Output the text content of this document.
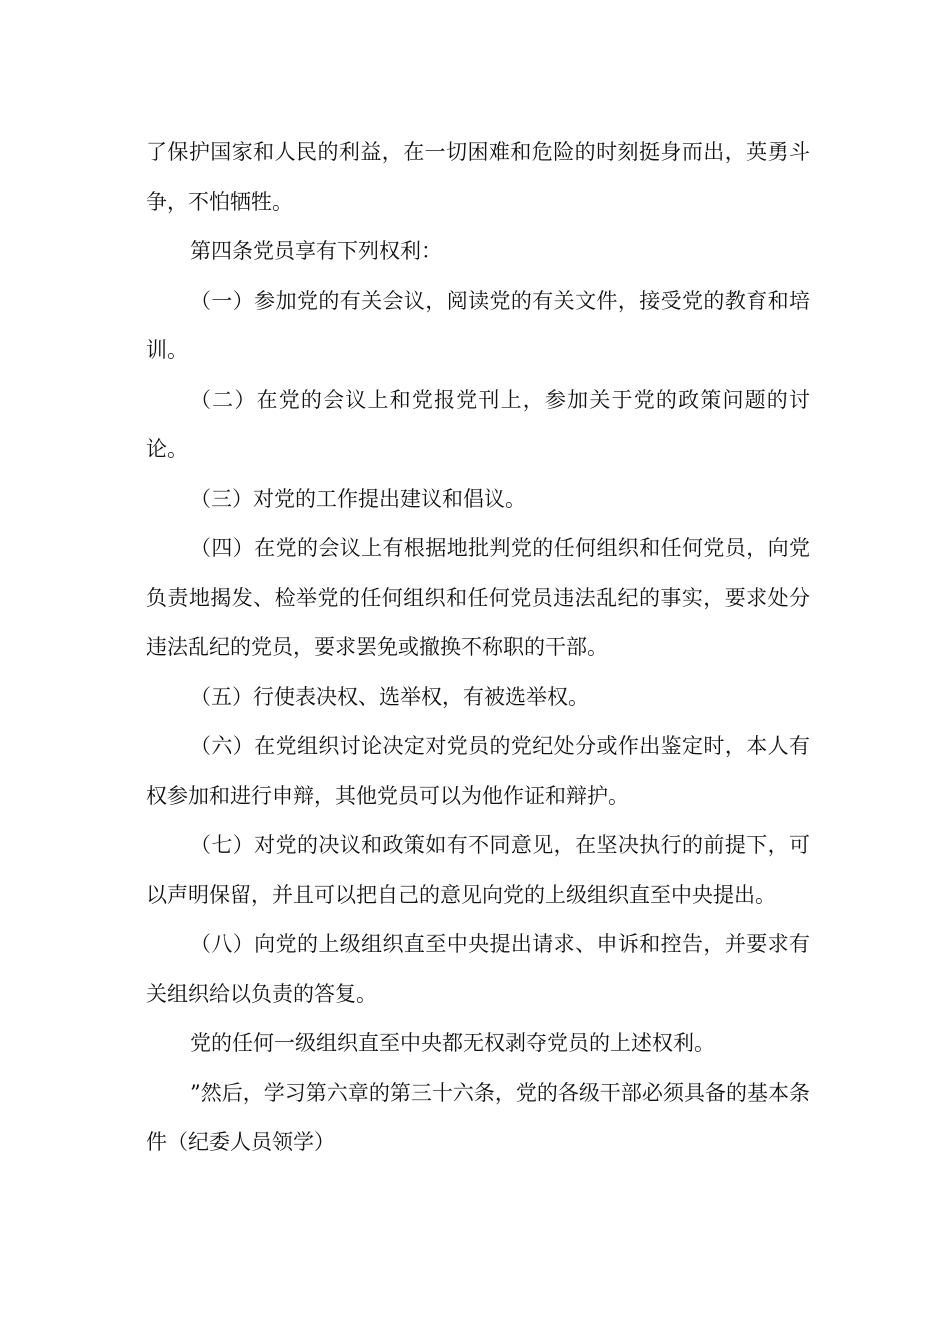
了保护国家和人民的利益，在一切困难和危险的时刻挺身而出，英勇斗争，不怕牺牲。

第四条党员享有下列权利：

（一）参加党的有关会议，阅读党的有关文件，接受党的教育和培训。

（二）在党的会议上和党报党刊上，参加关于党的政策问题的讨论。

（三）对党的工作提出建议和倡议。

（四）在党的会议上有根据地批判党的任何组织和任何党员，向党负责地揭发、检举党的任何组织和任何党员违法乱纪的事实，要求处分违法乱纪的党员，要求罢免或撤换不称职的干部。

（五）行使表决权、选举权，有被选举权。

（六）在党组织讨论决定对党员的党纪处分或作出鉴定时，本人有权参加和进行申辩，其他党员可以为他作证和辩护。

（七）对党的决议和政策如有不同意见，在坚决执行的前提下，可以声明保留，并且可以把自己的意见向党的上级组织直至中央提出。

（八）向党的上级组织直至中央提出请求、申诉和控告，并要求有关组织给以负责的答复。

党的任何一级组织直至中央都无权剥夺党员的上述权利。

”然后，学习第六章的第三十六条，党的各级干部必须具备的基本条件（纪委人员领学）
